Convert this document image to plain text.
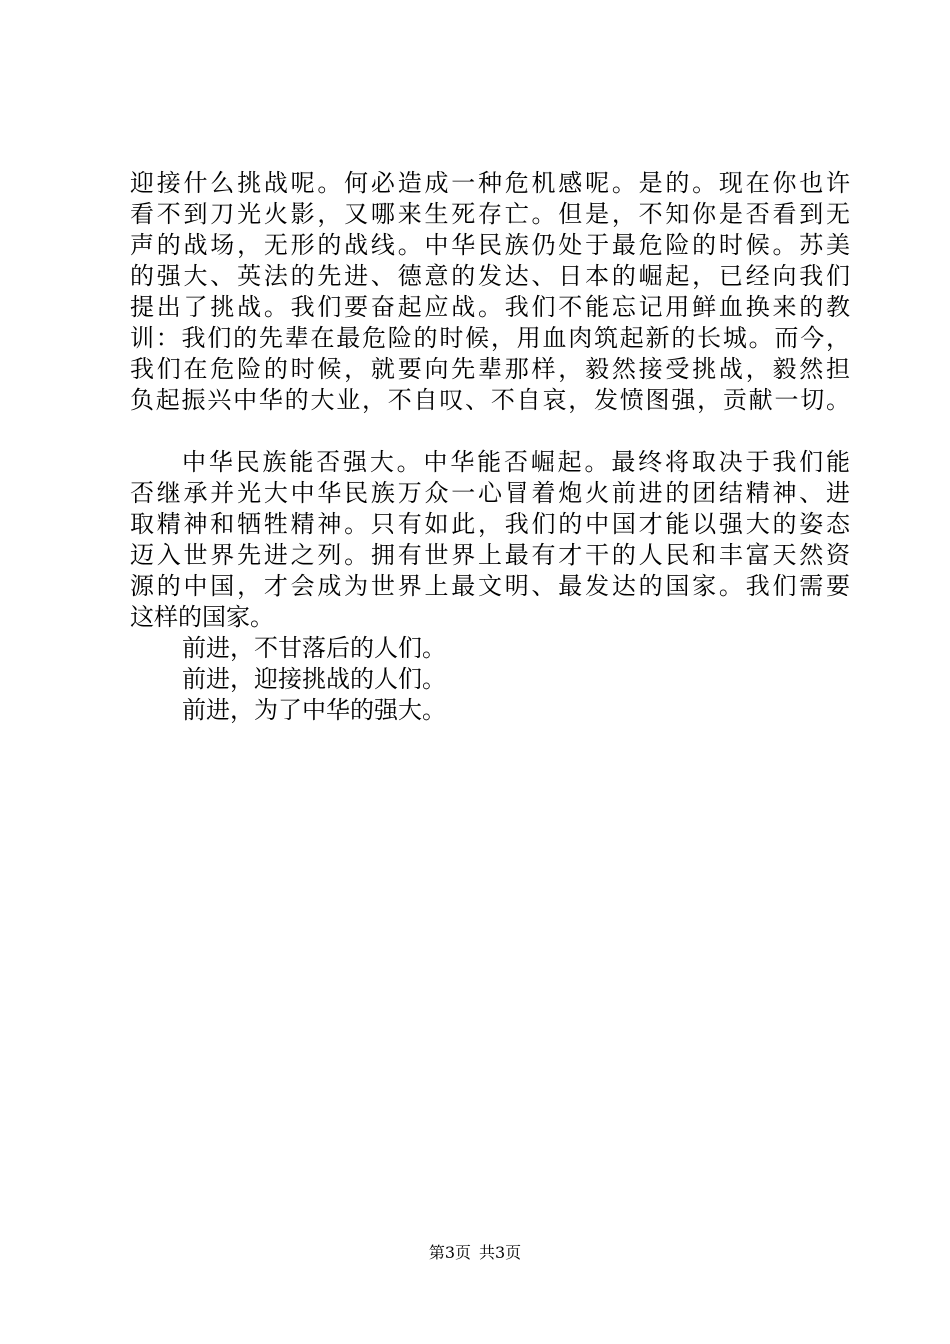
迎接什么挑战呢。何必造成一种危机感呢。是的。现在你也许
看不到刀光火影，又哪来生死存亡。但是，不知你是否看到无
声的战场，无形的战线。中华民族仍处于最危险的时候。苏美
的强大、英法的先进、德意的发达、日本的崛起，已经向我们
提出了挑战。我们要奋起应战。我们不能忘记用鲜血换来的教
训：我们的先辈在最危险的时候，用血肉筑起新的长城。而今，
我们在危险的时候，就要向先辈那样，毅然接受挑战，毅然担
负起振兴中华的大业，不自叹、不自哀，发愤图强，贡献一切。
中华民族能否强大。中华能否崛起。最终将取决于我们能
否继承并光大中华民族万众一心冒着炮火前进的团结精神、进
取精神和牺牲精神。只有如此，我们的中国才能以强大的姿态
迈入世界先进之列。拥有世界上最有才干的人民和丰富天然资
源的中国，才会成为世界上最文明、最发达的国家。我们需要
这样的国家。
前进，不甘落后的人们。
前进，迎接挑战的人们。
前进，为了中华的强大。
第3页 共3页
